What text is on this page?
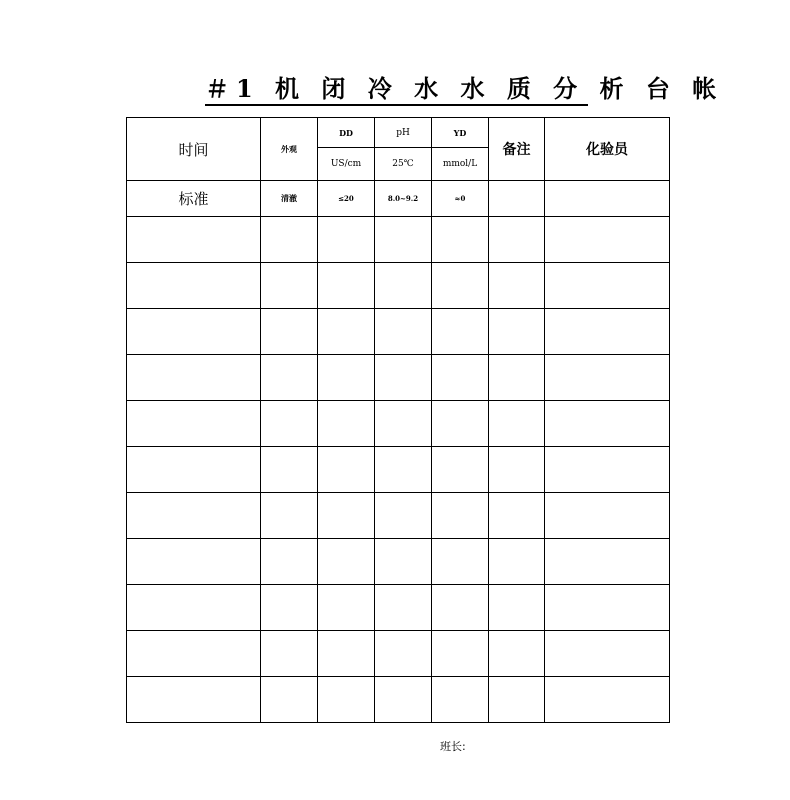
＃1 机 闭 冷 水 水 质 分 析 台 帐
时间	外观	DD	pH	YD	备注	化验员
		US/cm	25℃	mmol/L		
标准	清澈	≤20	8.0~9.2	≈0		

班长:
